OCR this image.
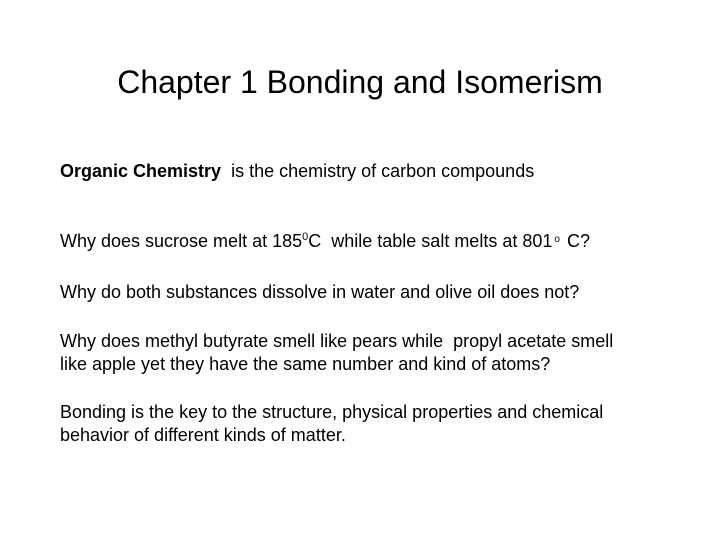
Chapter 1 Bonding and Isomerism

Organic Chemistry  is the chemistry of carbon compounds

Why does sucrose melt at $185^0C$  while table salt melts at 801 $_o$ C?

Why do both substances dissolve in water and olive oil does not?

Why does methyl butyrate smell like pears while  propyl acetate smell
like apple yet they have the same number and kind of atoms?

Bonding is the key to the structure, physical properties and chemical
behavior of different kinds of matter.
